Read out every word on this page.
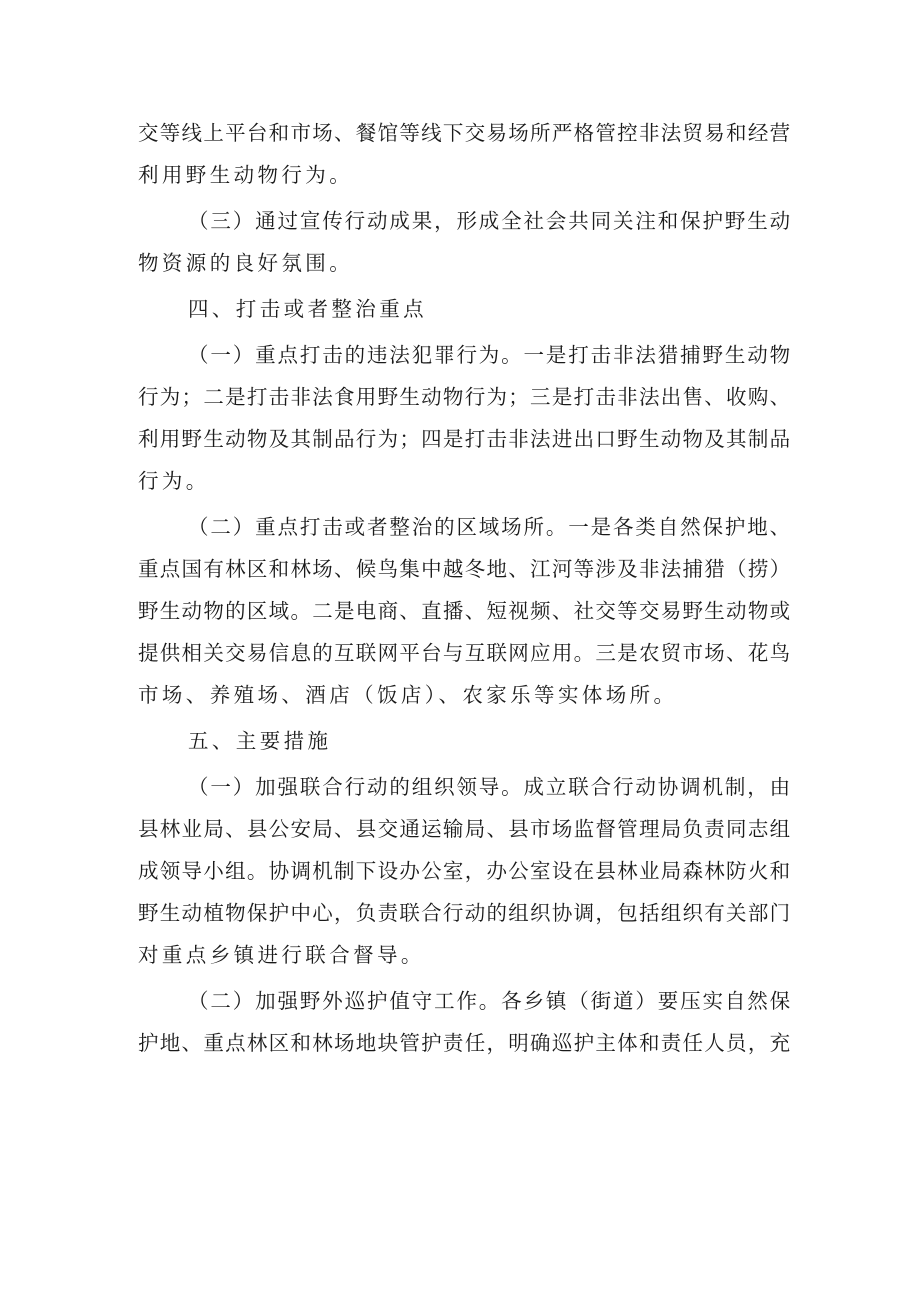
交等线上平台和市场、餐馆等线下交易场所严格管控非法贸易和经营
利用野生动物行为。
（三）通过宣传行动成果，形成全社会共同关注和保护野生动
物资源的良好氛围。
四、打击或者整治重点
（一）重点打击的违法犯罪行为。一是打击非法猎捕野生动物
行为；二是打击非法食用野生动物行为；三是打击非法出售、收购、
利用野生动物及其制品行为；四是打击非法进出口野生动物及其制品
行为。
（二）重点打击或者整治的区域场所。一是各类自然保护地、
重点国有林区和林场、候鸟集中越冬地、江河等涉及非法捕猎（捞）
野生动物的区域。二是电商、直播、短视频、社交等交易野生动物或
提供相关交易信息的互联网平台与互联网应用。三是农贸市场、花鸟
市场、养殖场、酒店（饭店）、农家乐等实体场所。
五、主要措施
（一）加强联合行动的组织领导。成立联合行动协调机制，由
县林业局、县公安局、县交通运输局、县市场监督管理局负责同志组
成领导小组。协调机制下设办公室，办公室设在县林业局森林防火和
野生动植物保护中心，负责联合行动的组织协调，包括组织有关部门
对重点乡镇进行联合督导。
（二）加强野外巡护值守工作。各乡镇（街道）要压实自然保
护地、重点林区和林场地块管护责任，明确巡护主体和责任人员，充
